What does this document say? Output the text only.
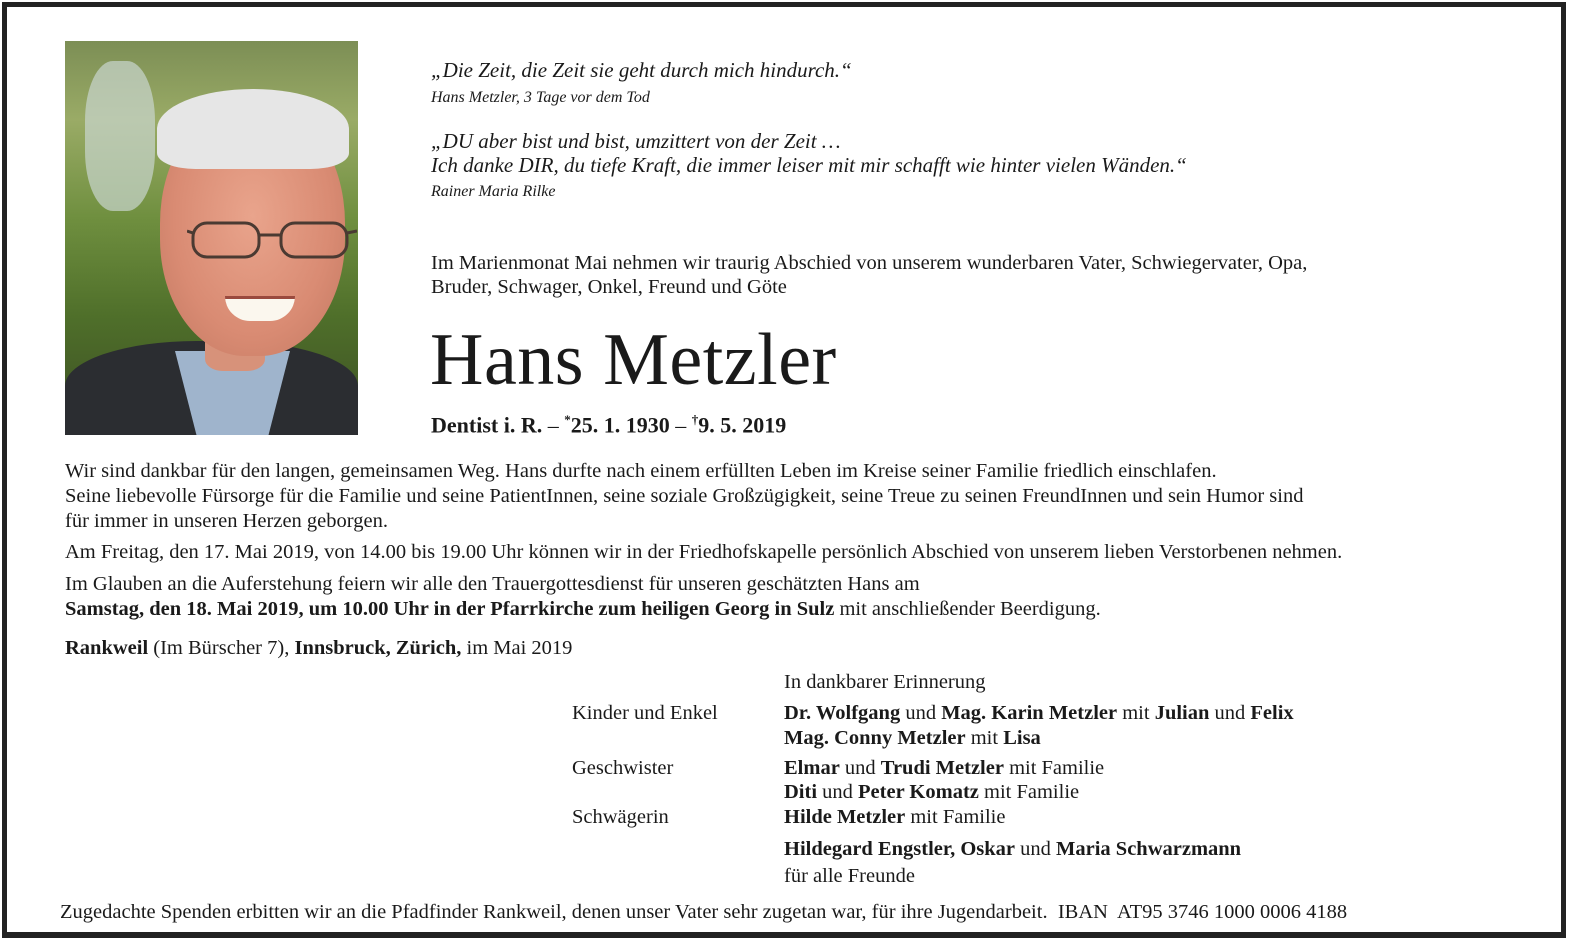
„Die Zeit, die Zeit sie geht durch mich hindurch.“
Hans Metzler, 3 Tage vor dem Tod
„DU aber bist und bist, umzittert von der Zeit …
Ich danke DIR, du tiefe Kraft, die immer leiser mit mir schafft wie hinter vielen Wänden.“
Rainer Maria Rilke
Im Marienmonat Mai nehmen wir traurig Abschied von unserem wunderbaren Vater, Schwiegervater, Opa,
Bruder, Schwager, Onkel, Freund und Göte
Hans Metzler
Dentist i. R. – *25. 1. 1930 – †9. 5. 2019
Wir sind dankbar für den langen, gemeinsamen Weg. Hans durfte nach einem erfüllten Leben im Kreise seiner Familie friedlich einschlafen.
Seine liebevolle Fürsorge für die Familie und seine PatientInnen, seine soziale Großzügigkeit, seine Treue zu seinen FreundInnen und sein Humor sind
für immer in unseren Herzen geborgen.
Am Freitag, den 17. Mai 2019, von 14.00 bis 19.00 Uhr können wir in der Friedhofskapelle persönlich Abschied von unserem lieben Verstorbenen nehmen.
Im Glauben an die Auferstehung feiern wir alle den Trauergottesdienst für unseren geschätzten Hans am
Samstag, den 18. Mai 2019, um 10.00 Uhr in der Pfarrkirche zum heiligen Georg in Sulz mit anschließender Beerdigung.
Rankweil (Im Bürscher 7), Innsbruck, Zürich, im Mai 2019
In dankbarer Erinnerung
Kinder und Enkel	Dr. Wolfgang und Mag. Karin Metzler mit Julian und Felix
Mag. Conny Metzler mit Lisa
Geschwister	Elmar und Trudi Metzler mit Familie
Diti und Peter Komatz mit Familie
Schwägerin	Hilde Metzler mit Familie
Hildegard Engstler, Oskar und Maria Schwarzmann
für alle Freunde
Zugedachte Spenden erbitten wir an die Pfadfinder Rankweil, denen unser Vater sehr zugetan war, für ihre Jugendarbeit.  IBAN  AT95 3746 1000 0006 4188
